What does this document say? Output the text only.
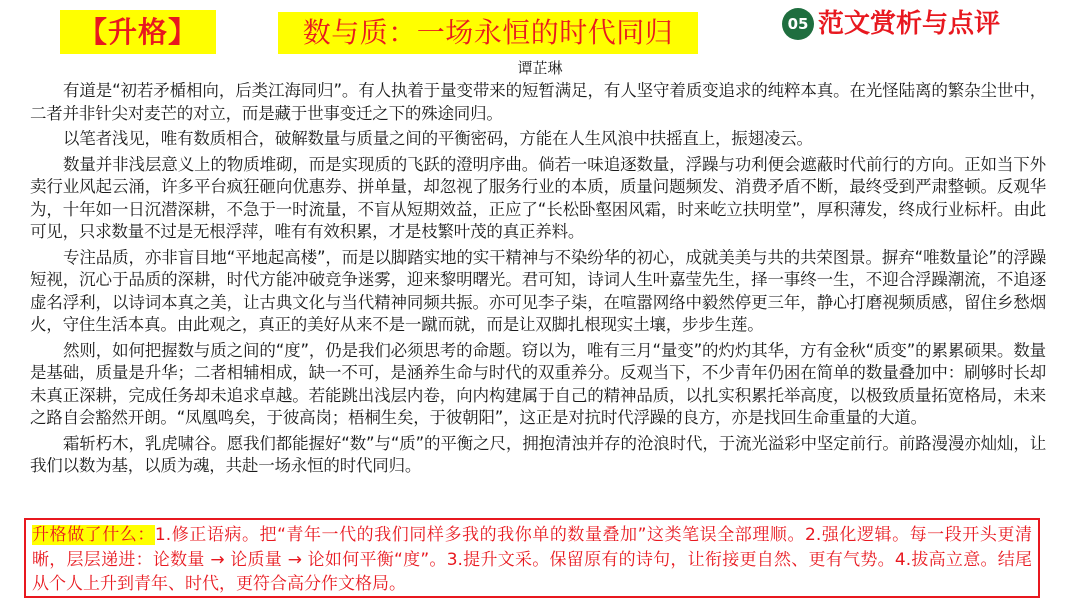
【升格】	数与质：一场永恒的时代同归	05 范文赏析与点评
谭芷琳

有道是“初若矛楯相向，后类江海同归”。有人执着于量变带来的短暂满足，有人坚守着质变追求的纯粹本真。在光怪陆离的繁杂尘世中，二者并非针尖对麦芒的对立，而是藏于世事变迁之下的殊途同归。

以笔者浅见，唯有数质相合，破解数量与质量之间的平衡密码，方能在人生风浪中扶摇直上，振翅凌云。

数量并非浅层意义上的物质堆砌，而是实现质的飞跃的澄明序曲。倘若一味追逐数量，浮躁与功利便会遮蔽时代前行的方向。正如当下外卖行业风起云涌，许多平台疯狂砸向优惠券、拼单量，却忽视了服务行业的本质，质量问题频发、消费矛盾不断，最终受到严肃整顿。反观华为，十年如一日沉潜深耕，不急于一时流量，不盲从短期效益，正应了“长松卧壑困风霜，时来屹立扶明堂”，厚积薄发，终成行业标杆。由此可见，只求数量不过是无根浮萍，唯有有效积累，才是枝繁叶茂的真正养料。

专注品质，亦非盲目地“平地起高楼”，而是以脚踏实地的实干精神与不染纷华的初心，成就美美与共的共荣图景。摒弃“唯数量论”的浮躁短视，沉心于品质的深耕，时代方能冲破竞争迷雾，迎来黎明曙光。君可知，诗词人生叶嘉莹先生，择一事终一生，不迎合浮躁潮流，不追逐虚名浮利，以诗词本真之美，让古典文化与当代精神同频共振。亦可见李子柒，在喧嚣网络中毅然停更三年，静心打磨视频质感，留住乡愁烟火，守住生活本真。由此观之，真正的美好从来不是一蹴而就，而是让双脚扎根现实土壤，步步生莲。

然则，如何把握数与质之间的“度”，仍是我们必须思考的命题。窃以为，唯有三月“量变”的灼灼其华，方有金秋“质变”的累累硕果。数量是基础，质量是升华；二者相辅相成，缺一不可，是涵养生命与时代的双重养分。反观当下，不少青年仍困在简单的数量叠加中：刷够时长却未真正深耕，完成任务却未追求卓越。若能跳出浅层内卷，向内构建属于自己的精神品质，以扎实积累托举高度，以极致质量拓宽格局，未来之路自会豁然开朗。“凤凰鸣矣，于彼高岗；梧桐生矣，于彼朝阳”，这正是对抗时代浮躁的良方，亦是找回生命重量的大道。

霜斩朽木，乳虎啸谷。愿我们都能握好“数”与“质”的平衡之尺，拥抱清浊并存的沧浪时代，于流光溢彩中坚定前行。前路漫漫亦灿灿，让我们以数为基，以质为魂，共赴一场永恒的时代同归。

升格做了什么：1.修正语病。把“青年一代的我们同样多我的我你单的数量叠加”这类笔误全部理顺。2.强化逻辑。每一段开头更清晰，层层递进：论数量 → 论质量 → 论如何平衡“度”。3.提升文采。保留原有的诗句，让衔接更自然、更有气势。4.拔高立意。结尾从个人上升到青年、时代，更符合高分作文格局。
